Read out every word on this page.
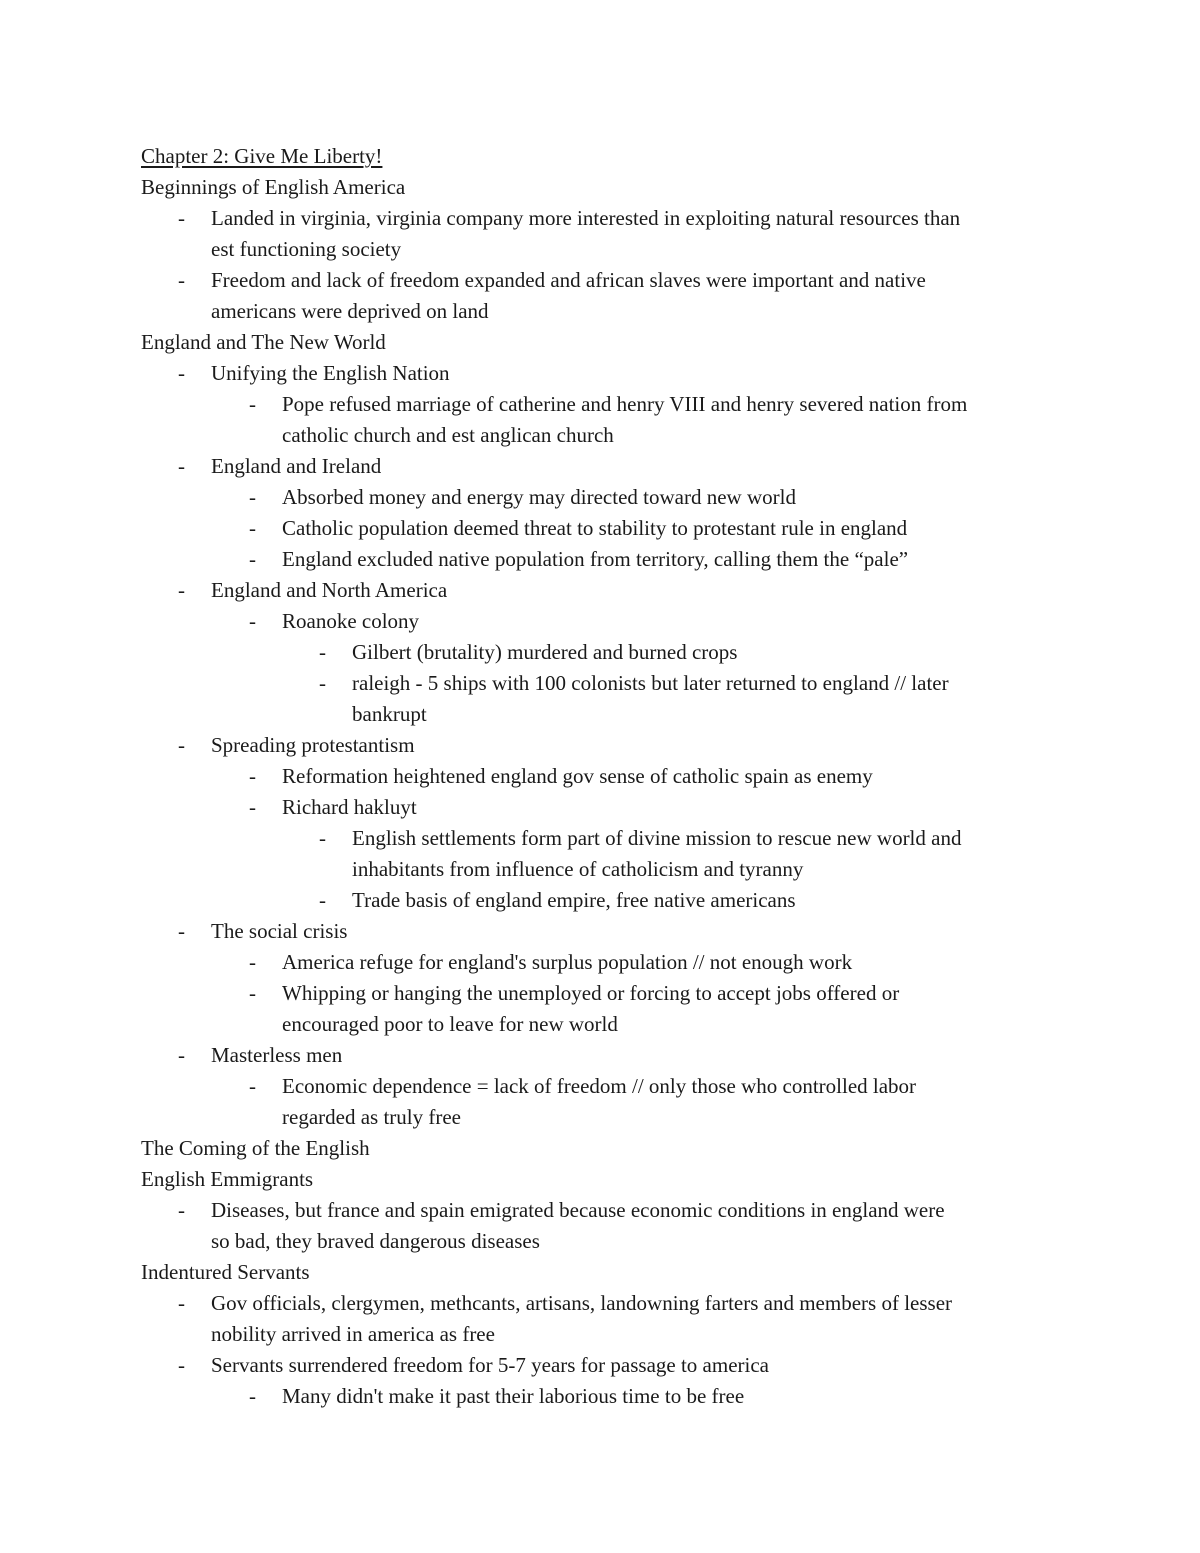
Chapter 2: Give Me Liberty!

Beginnings of English America

- Landed in virginia, virginia company more interested in exploiting natural resources than
est functioning society
- Freedom and lack of freedom expanded and african slaves were important and native
americans were deprived on land

England and The New World

- Unifying the English Nation
- Pope refused marriage of catherine and henry VIII and henry severed nation from
catholic church and est anglican church
- England and Ireland
- Absorbed money and energy may directed toward new world
- Catholic population deemed threat to stability to protestant rule in england
- England excluded native population from territory, calling them the “pale”
- England and North America
- Roanoke colony
- Gilbert (brutality) murdered and burned crops
- raleigh - 5 ships with 100 colonists but later returned to england // later
bankrupt
- Spreading protestantism
- Reformation heightened england gov sense of catholic spain as enemy
- Richard hakluyt
- English settlements form part of divine mission to rescue new world and
inhabitants from influence of catholicism and tyranny
- Trade basis of england empire, free native americans
- The social crisis
- America refuge for england's surplus population // not enough work
- Whipping or hanging the unemployed or forcing to accept jobs offered or
encouraged poor to leave for new world
- Masterless men
- Economic dependence = lack of freedom // only those who controlled labor
regarded as truly free

The Coming of the English

English Emmigrants

- Diseases, but france and spain emigrated because economic conditions in england were
so bad, they braved dangerous diseases

Indentured Servants

- Gov officials, clergymen, methcants, artisans, landowning farters and members of lesser
nobility arrived in america as free
- Servants surrendered freedom for 5-7 years for passage to america
- Many didn't make it past their laborious time to be free
